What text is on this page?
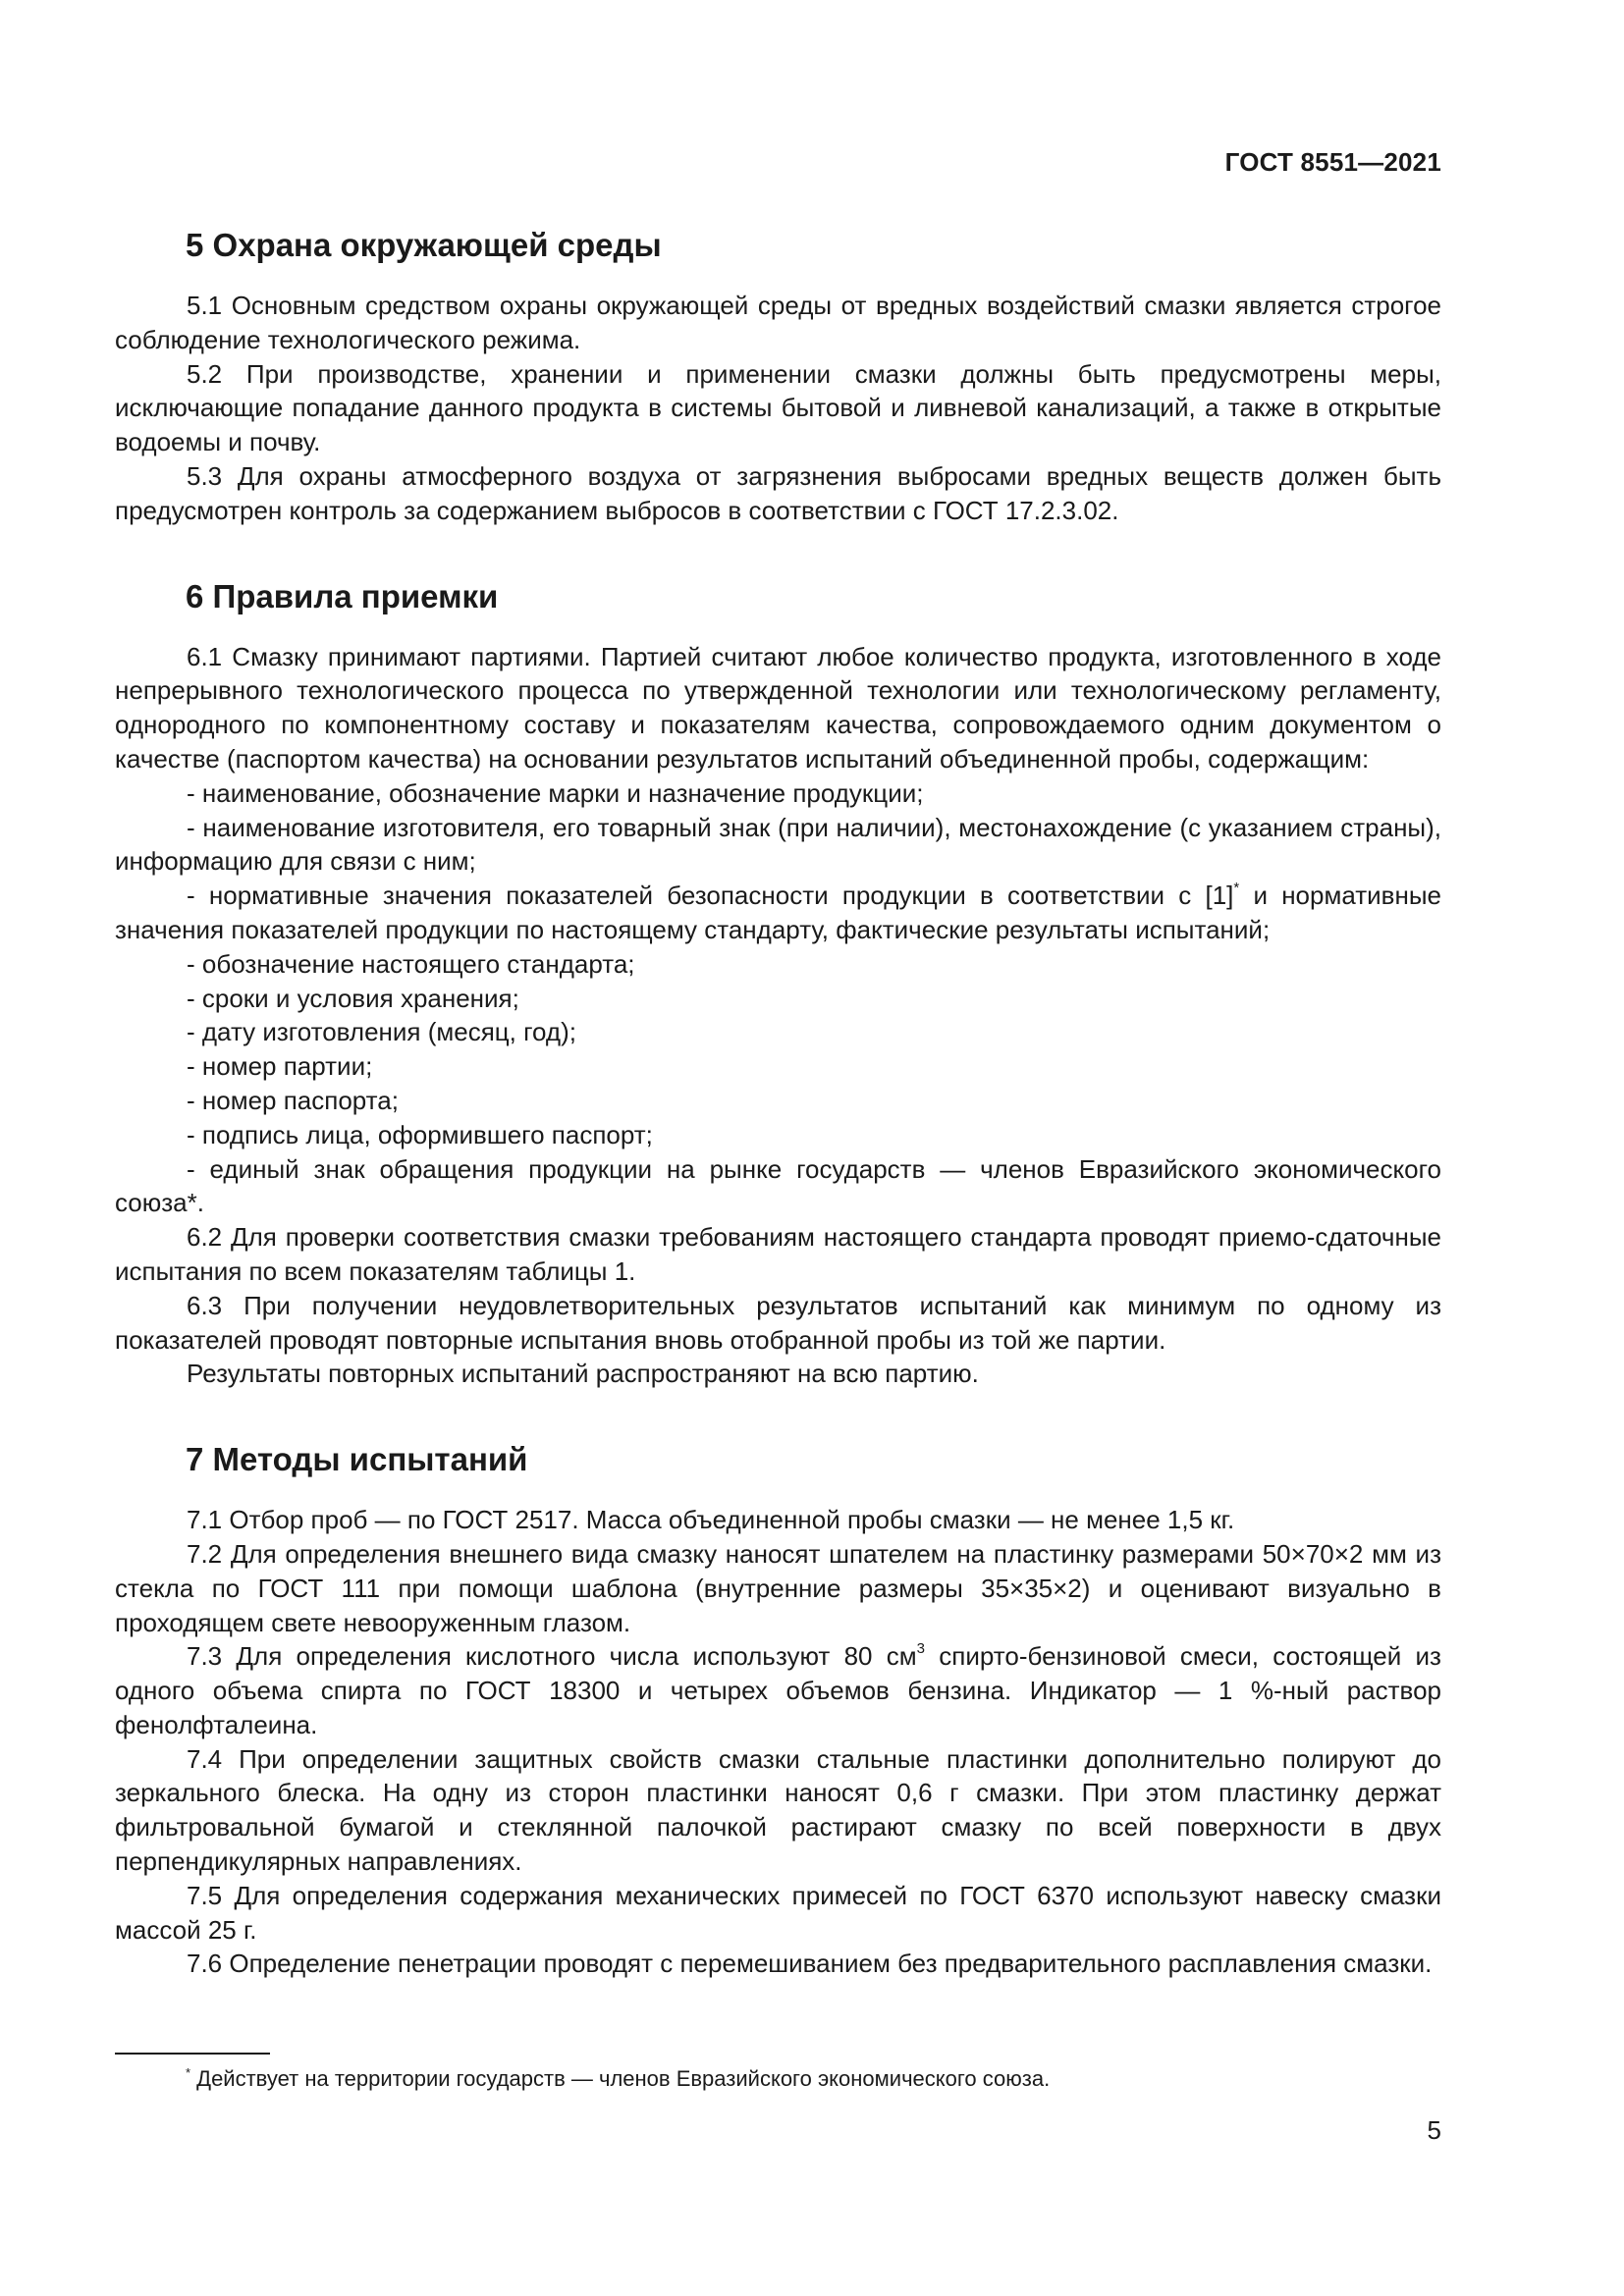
ГОСТ 8551—2021
5 Охрана окружающей среды

5.1 Основным средством охраны окружающей среды от вредных воздействий смазки является строгое соблюдение технологического режима.

5.2 При производстве, хранении и применении смазки должны быть предусмотрены меры, исключающие попадание данного продукта в системы бытовой и ливневой канализаций, а также в открытые водоемы и почву.

5.3 Для охраны атмосферного воздуха от загрязнения выбросами вредных веществ должен быть предусмотрен контроль за содержанием выбросов в соответствии с ГОСТ 17.2.3.02.

6 Правила приемки

6.1 Смазку принимают партиями. Партией считают любое количество продукта, изготовленного в ходе непрерывного технологического процесса по утвержденной технологии или технологическому регламенту, однородного по компонентному составу и показателям качества, сопровождаемого одним документом о качестве (паспортом качества) на основании результатов испытаний объединенной пробы, содержащим:

- наименование, обозначение марки и назначение продукции;

- наименование изготовителя, его товарный знак (при наличии), местонахождение (с указанием страны), информацию для связи с ним;

- нормативные значения показателей безопасности продукции в соответствии с [1]* и нормативные значения показателей продукции по настоящему стандарту, фактические результаты испытаний;

- обозначение настоящего стандарта;

- сроки и условия хранения;

- дату изготовления (месяц, год);

- номер партии;

- номер паспорта;

- подпись лица, оформившего паспорт;

- единый знак обращения продукции на рынке государств — членов Евразийского экономического союза*.

6.2 Для проверки соответствия смазки требованиям настоящего стандарта проводят приемо-сдаточные испытания по всем показателям таблицы 1.

6.3 При получении неудовлетворительных результатов испытаний как минимум по одному из показателей проводят повторные испытания вновь отобранной пробы из той же партии.

Результаты повторных испытаний распространяют на всю партию.

7 Методы испытаний

7.1 Отбор проб — по ГОСТ 2517. Масса объединенной пробы смазки — не менее 1,5 кг.

7.2 Для определения внешнего вида смазку наносят шпателем на пластинку размерами 50×70×2 мм из стекла по ГОСТ 111 при помощи шаблона (внутренние размеры 35×35×2) и оценивают визуально в проходящем свете невооруженным глазом.

7.3 Для определения кислотного числа используют 80 $см^3$ спирто-бензиновой смеси, состоящей из одного объема спирта по ГОСТ 18300 и четырех объемов бензина. Индикатор — 1 %-ный раствор фенолфталеина.

7.4 При определении защитных свойств смазки стальные пластинки дополнительно полируют до зеркального блеска. На одну из сторон пластинки наносят 0,6 г смазки. При этом пластинку держат фильтровальной бумагой и стеклянной палочкой растирают смазку по всей поверхности в двух перпендикулярных направлениях.

7.5 Для определения содержания механических примесей по ГОСТ 6370 используют навеску смазки массой 25 г.

7.6 Определение пенетрации проводят с перемешиванием без предварительного расплавления смазки.

* Действует на территории государств — членов Евразийского экономического союза.
5
